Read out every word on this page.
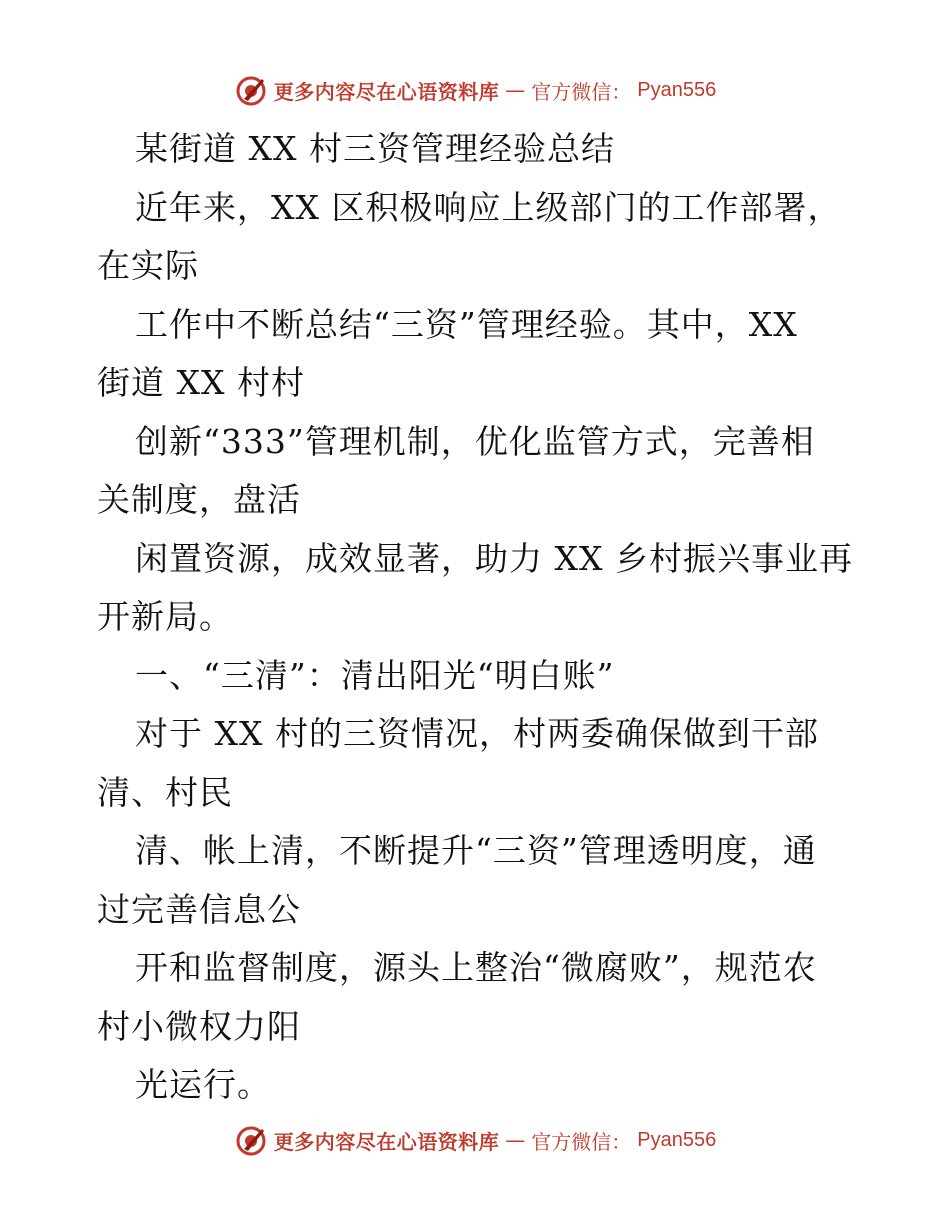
更多内容尽在心语资料库 — 官方微信： Pyan556
某街道 XX 村三资管理经验总结
近年来，XX 区积极响应上级部门的工作部署，
在实际
工作中不断总结“三资”管理经验。其中，XX
街道 XX 村村
创新“333”管理机制，优化监管方式，完善相
关制度，盘活
闲置资源，成效显著，助力 XX 乡村振兴事业再
开新局。
一、“三清”：清出阳光“明白账”
对于 XX 村的三资情况，村两委确保做到干部
清、村民
清、帐上清，不断提升“三资”管理透明度，通
过完善信息公
开和监督制度，源头上整治“微腐败”，规范农
村小微权力阳
光运行。
更多内容尽在心语资料库 — 官方微信： Pyan556
